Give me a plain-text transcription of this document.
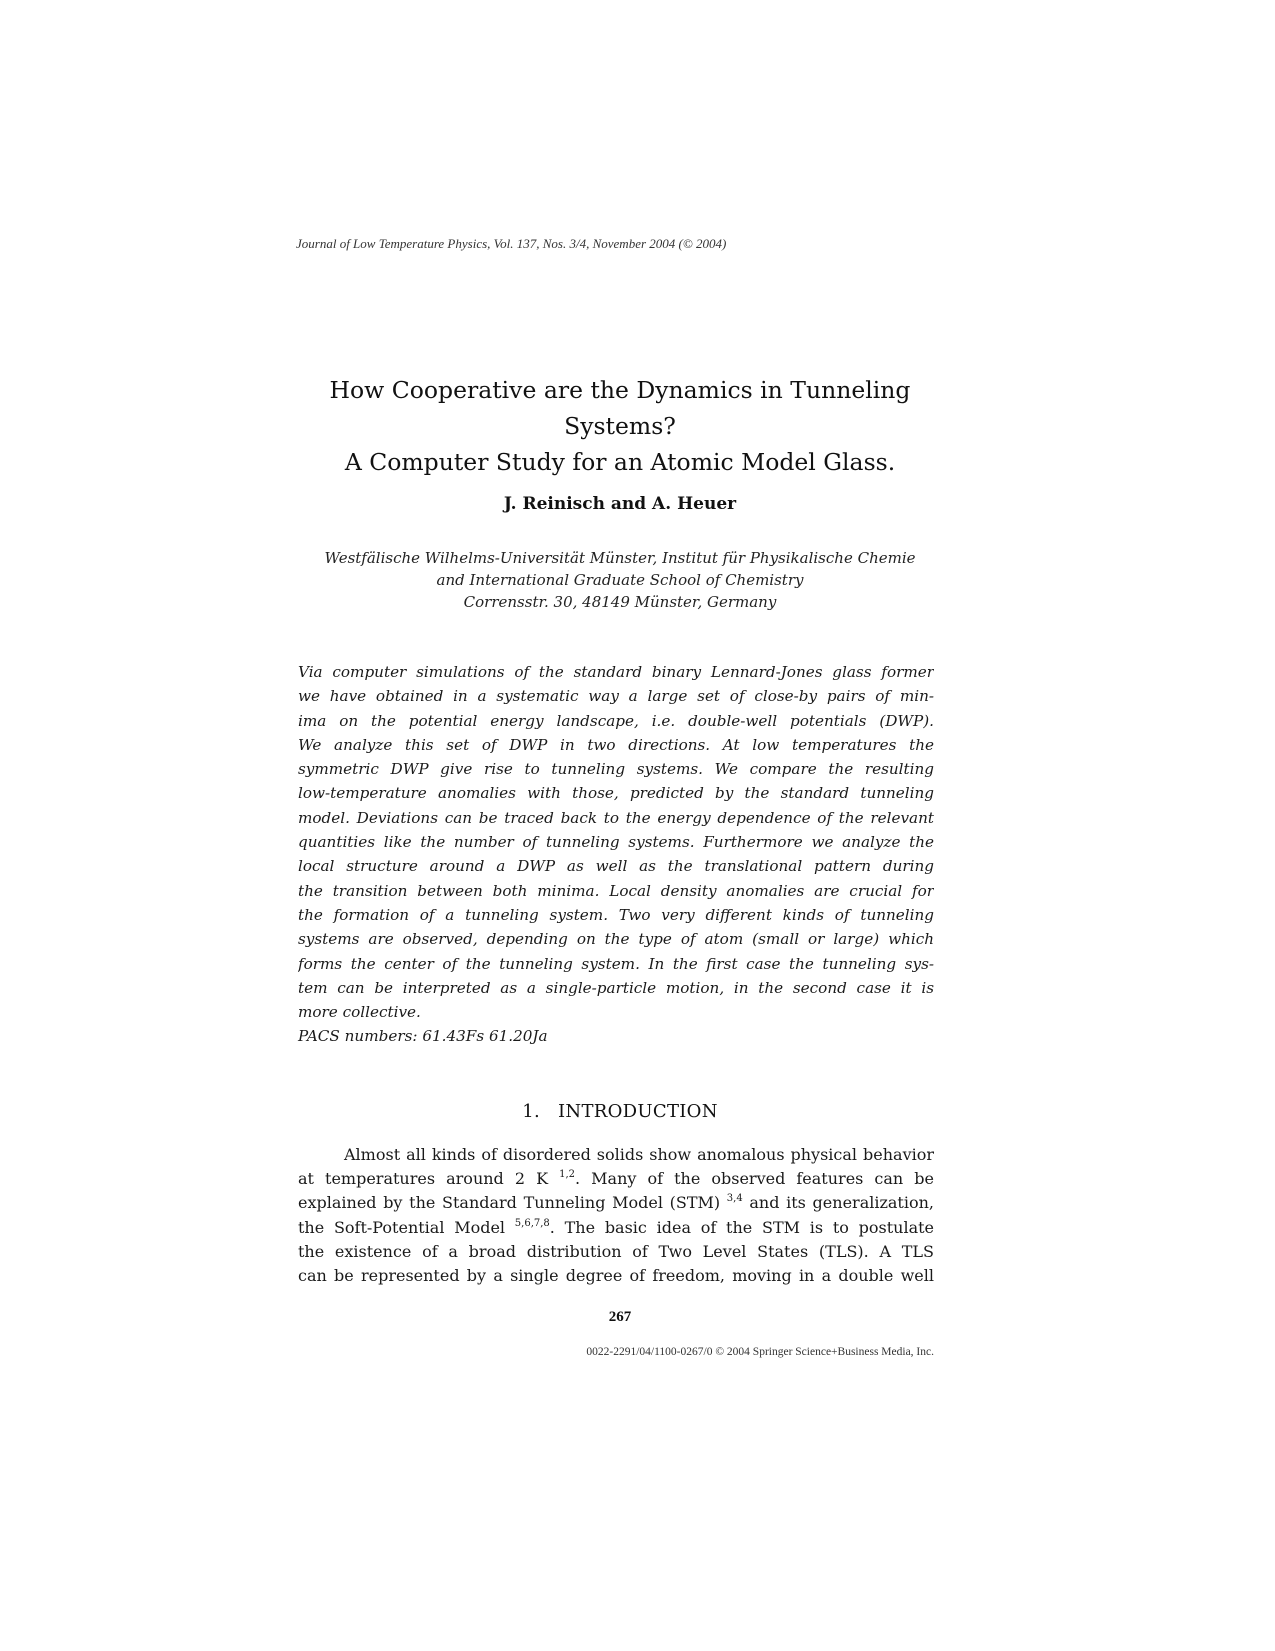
Journal of Low Temperature Physics, Vol. 137, Nos. 3/4, November 2004 (© 2004)
How Cooperative are the Dynamics in Tunneling
Systems?
A Computer Study for an Atomic Model Glass.
J. Reinisch and A. Heuer
Westfälische Wilhelms-Universität Münster, Institut für Physikalische Chemie
and International Graduate School of Chemistry
Corrensstr. 30, 48149 Münster, Germany
Via computer simulations of the standard binary Lennard-Jones glass former
we have obtained in a systematic way a large set of close-by pairs of min-
ima on the potential energy landscape, i.e. double-well potentials (DWP).
We analyze this set of DWP in two directions. At low temperatures the
symmetric DWP give rise to tunneling systems. We compare the resulting
low-temperature anomalies with those, predicted by the standard tunneling
model. Deviations can be traced back to the energy dependence of the relevant
quantities like the number of tunneling systems. Furthermore we analyze the
local structure around a DWP as well as the translational pattern during
the transition between both minima. Local density anomalies are crucial for
the formation of a tunneling system. Two very different kinds of tunneling
systems are observed, depending on the type of atom (small or large) which
forms the center of the tunneling system. In the first case the tunneling sys-
tem can be interpreted as a single-particle motion, in the second case it is
more collective.
PACS numbers: 61.43Fs 61.20Ja
1. INTRODUCTION
Almost all kinds of disordered solids show anomalous physical behavior
at temperatures around 2 K $^{1,2}$. Many of the observed features can be
explained by the Standard Tunneling Model (STM) $^{3,4}$ and its generalization,
the Soft-Potential Model $^{5,6,7,8}$. The basic idea of the STM is to postulate
the existence of a broad distribution of Two Level States (TLS). A TLS
can be represented by a single degree of freedom, moving in a double well
267
0022-2291/04/1100-0267/0 © 2004 Springer Science+Business Media, Inc.
